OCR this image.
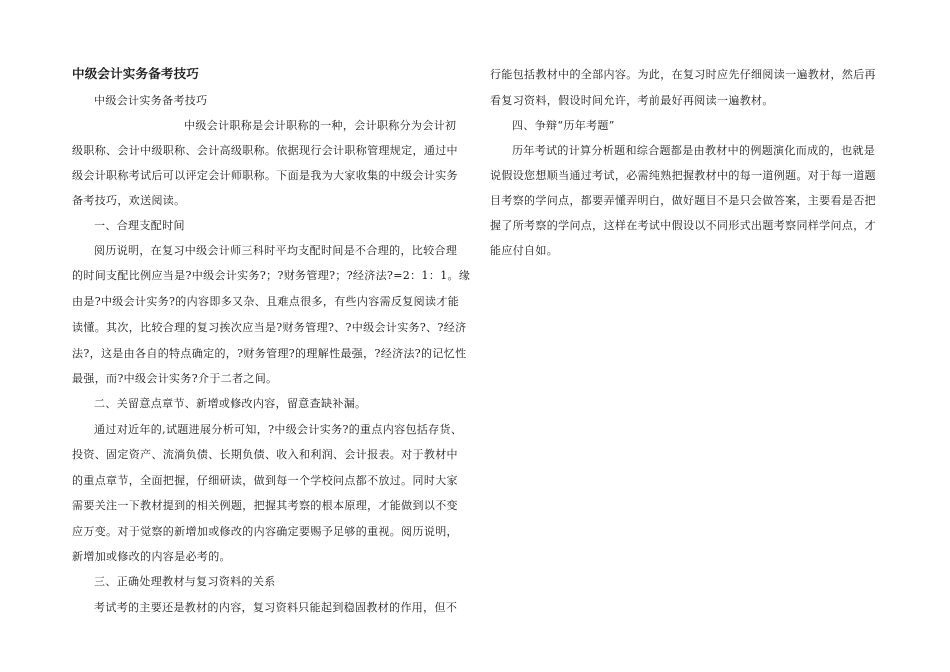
中级会计实务备考技巧
中级会计实务备考技巧
中级会计职称是会计职称的一种，会计职称分为会计初
级职称、会计中级职称、会计高级职称。依据现行会计职称管理规定，通过中
级会计职称考试后可以评定会计师职称。下面是我为大家收集的中级会计实务
备考技巧，欢送阅读。
一、合理支配时间
阅历说明，在复习中级会计师三科时平均支配时间是不合理的，比较合理
的时间支配比例应当是?中级会计实务?；?财务管理?；?经济法?=2：1：1。缘
由是?中级会计实务?的内容即多又杂、且难点很多，有些内容需反复阅读才能
读懂。其次，比较合理的复习挨次应当是?财务管理?、?中级会计实务?、?经济
法?，这是由各自的特点确定的，?财务管理?的理解性最强，?经济法?的记忆性
最强，而?中级会计实务?介于二者之间。
二、关留意点章节、新增或修改内容，留意查缺补漏。
通过对近年的,试题进展分析可知，?中级会计实务?的重点内容包括存货、
投资、固定资产、流淌负债、长期负债、收入和利润、会计报表。对于教材中
的重点章节，全面把握，仔细研读，做到每一个学校问点都不放过。同时大家
需要关注一下教材提到的相关例题，把握其考察的根本原理，才能做到以不变
应万变。对于觉察的新增加或修改的内容确定要赐予足够的重视。阅历说明，
新增加或修改的内容是必考的。
三、正确处理教材与复习资料的关系
考试考的主要还是教材的内容，复习资料只能起到稳固教材的作用，但不
行能包括教材中的全部内容。为此，在复习时应先仔细阅读一遍教材，然后再
看复习资料，假设时间允许，考前最好再阅读一遍教材。
四、争辩“历年考题”
历年考试的计算分析题和综合题都是由教材中的例题演化而成的，也就是
说假设您想顺当通过考试，必需纯熟把握教材中的每一道例题。对于每一道题
目考察的学问点，都要弄懂弄明白，做好题目不是只会做答案，主要看是否把
握了所考察的学问点，这样在考试中假设以不同形式出题考察同样学问点，才
能应付自如。
